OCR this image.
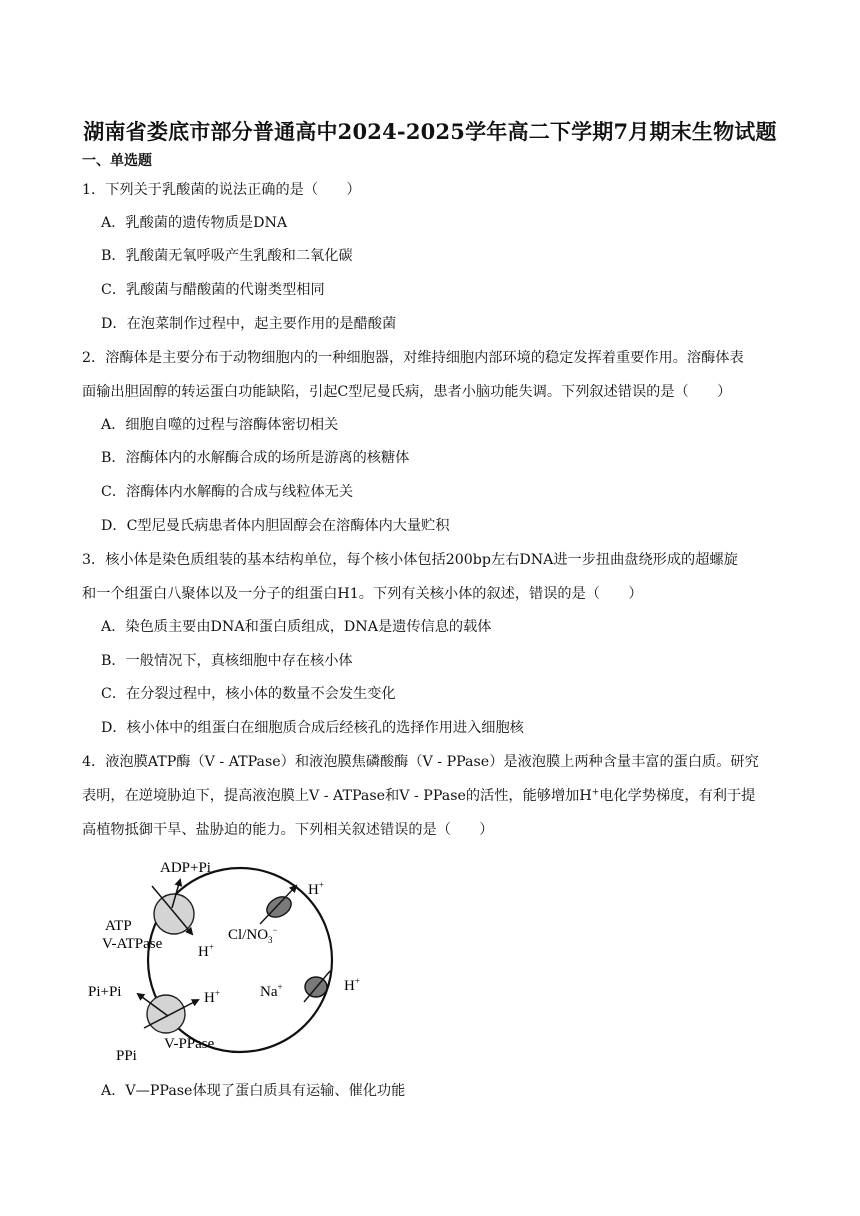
湖南省娄底市部分普通高中2024-2025学年高二下学期7月期末生物试题
一、单选题
1．下列关于乳酸菌的说法正确的是（　　）
A．乳酸菌的遗传物质是DNA
B．乳酸菌无氧呼吸产生乳酸和二氧化碳
C．乳酸菌与醋酸菌的代谢类型相同
D．在泡菜制作过程中，起主要作用的是醋酸菌
2．溶酶体是主要分布于动物细胞内的一种细胞器，对维持细胞内部环境的稳定发挥着重要作用。溶酶体表
面输出胆固醇的转运蛋白功能缺陷，引起C型尼曼氏病，患者小脑功能失调。下列叙述错误的是（　　）
A．细胞自噬的过程与溶酶体密切相关
B．溶酶体内的水解酶合成的场所是游离的核糖体
C．溶酶体内水解酶的合成与线粒体无关
D．C型尼曼氏病患者体内胆固醇会在溶酶体内大量贮积
3．核小体是染色质组装的基本结构单位，每个核小体包括200bp左右DNA进一步扭曲盘绕形成的超螺旋
和一个组蛋白八聚体以及一分子的组蛋白H1。下列有关核小体的叙述，错误的是（　　）
A．染色质主要由DNA和蛋白质组成，DNA是遗传信息的载体
B．一般情况下，真核细胞中存在核小体
C．在分裂过程中，核小体的数量不会发生变化
D．核小体中的组蛋白在细胞质合成后经核孔的选择作用进入细胞核
4．液泡膜ATP酶（V - ATPase）和液泡膜焦磷酸酶（V - PPase）是液泡膜上两种含量丰富的蛋白质。研究
表明，在逆境胁迫下，提高液泡膜上V - ATPase和V - PPase的活性，能够增加H+电化学势梯度，有利于提
高植物抵御干旱、盐胁迫的能力。下列相关叙述错误的是（　　）
ADP+Pi
ATP
V-ATPase H+
H+
$Cl/NO_3^-$
Na+	H+
Pi+Pi	H+
V-PPase
PPi
A．V—PPase体现了蛋白质具有运输、催化功能
